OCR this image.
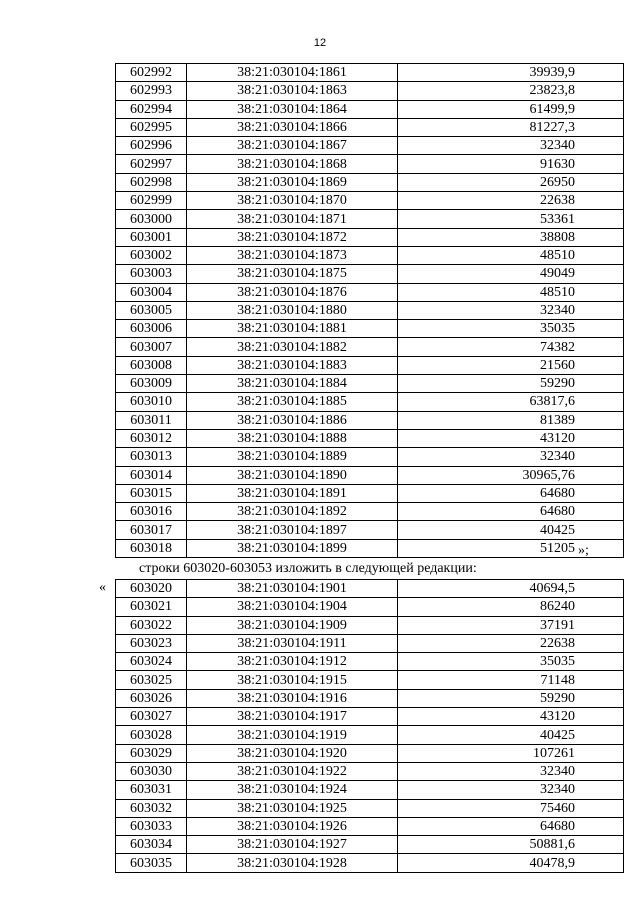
12
602992	38:21:030104:1861	39939,9
602993	38:21:030104:1863	23823,8
602994	38:21:030104:1864	61499,9
602995	38:21:030104:1866	81227,3
602996	38:21:030104:1867	32340
602997	38:21:030104:1868	91630
602998	38:21:030104:1869	26950
602999	38:21:030104:1870	22638
603000	38:21:030104:1871	53361
603001	38:21:030104:1872	38808
603002	38:21:030104:1873	48510
603003	38:21:030104:1875	49049
603004	38:21:030104:1876	48510
603005	38:21:030104:1880	32340
603006	38:21:030104:1881	35035
603007	38:21:030104:1882	74382
603008	38:21:030104:1883	21560
603009	38:21:030104:1884	59290
603010	38:21:030104:1885	63817,6
603011	38:21:030104:1886	81389
603012	38:21:030104:1888	43120
603013	38:21:030104:1889	32340
603014	38:21:030104:1890	30965,76
603015	38:21:030104:1891	64680
603016	38:21:030104:1892	64680
603017	38:21:030104:1897	40425
603018	38:21:030104:1899	51205 »;
строки 603020-603053 изложить в следующей редакции:
« 603020	38:21:030104:1901	40694,5
603021	38:21:030104:1904	86240
603022	38:21:030104:1909	37191
603023	38:21:030104:1911	22638
603024	38:21:030104:1912	35035
603025	38:21:030104:1915	71148
603026	38:21:030104:1916	59290
603027	38:21:030104:1917	43120
603028	38:21:030104:1919	40425
603029	38:21:030104:1920	107261
603030	38:21:030104:1922	32340
603031	38:21:030104:1924	32340
603032	38:21:030104:1925	75460
603033	38:21:030104:1926	64680
603034	38:21:030104:1927	50881,6
603035	38:21:030104:1928	40478,9
